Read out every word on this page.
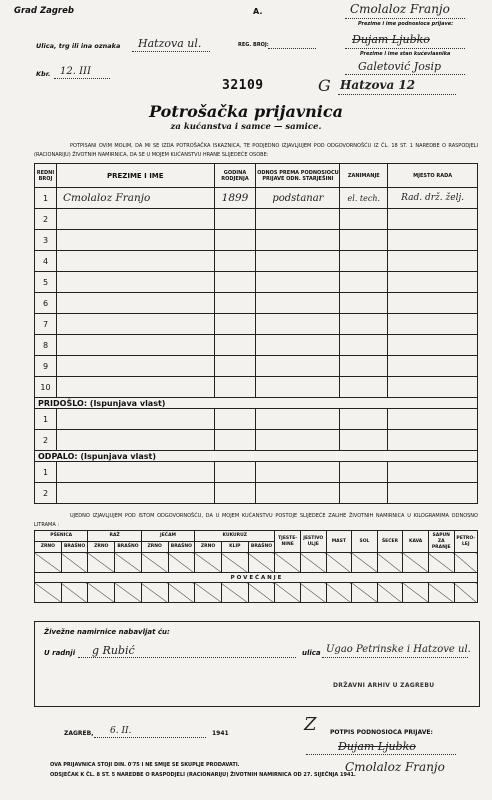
Grad Zagreb	A.	Cmolaloz Franjo
Prezime i ime podnosioca prijave:
Ulica, trg ili ina oznaka Hatzova ul.	REG. BROJ:	Dujam Ljubko
Prezime i ime stan kućevlasnika
Galetović Josip
Kbr. 12. III
32109	G Hatzova 12
Potrošačka prijavnica
za kućanstva i samce — samice.
POTPISANI OVIM MOLIM, DA MI SE IZDA POTROŠAČKA ISKAZNICA, TE PODJEDNO IZJAVLJUJEM POD ODGOVORNOŠĆU IZ ČL. 18 ST. 1 NAREDBE O RASPODJELI (RACIONARIJU) ŽIVOTNIH NAMIRNICA, DA SE U MOJEM KUĆANSTVU HRANE SLIJEDEĆE OSOBE:
REDNI BROJ	PREZIME I IME	GODINA RODJENJA	ODNOS PREMA PODNOSIOCU PRIJAVE ODN. STARJEŠINI	ZANIMANJE	MJESTO RADA
1	Cmolaloz Franjo	1899	podstanar	el. tech.	Rad. drž. želj.
2					
3					
4					
5					
6					
7					
8					
9					
10					
PRIDOŠLO: (Ispunjava vlast)					
1					
2					
ODPALO: (Ispunjava vlast)					
1					
2					
UJEDNO IZJAVLJUJEM POD ISTOM ODGOVORNOŠĆU, DA U MOJEM KUĆANSTVU POSTOJE SLIJEDEĆE ZALIHE ŽIVOTNIH NAMIRNICA U KILOGRAMIMA ODNOSNO LITRAMA :
PŠENICA		RAŽ		JEČAM		KUKURUZ			TJESTE-NINE	JESTIVO ULJE	MAST	SOL	ŠEĆER	KAVA	SAPUN ZA PRANJE	PETRO-LEJ
ZRNO	BRAŠNO	ZRNO	BRAŠNO	ZRNO	BRAŠNO	ZRNO	KLIP	BRAŠNO								

P O V E Ć A N J E																

Živežne namirnice nabavljat ću:
U radnji g Rubić	ulica Ugao Petrinske i Hatzove ul.
DRŽAVNI ARHIV U ZAGREBU
ZAGREB, 6. II.	1941	POTPIS PODNOSIOCA PRIJAVE:
Z
Dujam Ljubko
Cmolaloz Franjo
OVA PRIJAVNICA STOJI DIN. 0'75 I NE SMIJE SE SKUPLJE PRODAVATI.
ODSJEČAK K ČL. 8 ST. 5 NAREDBE O RASPODJELI (RACIONARIJU) ŽIVOTNIH NAMIRNICA OD 27. SIJEČNJA 1941.
